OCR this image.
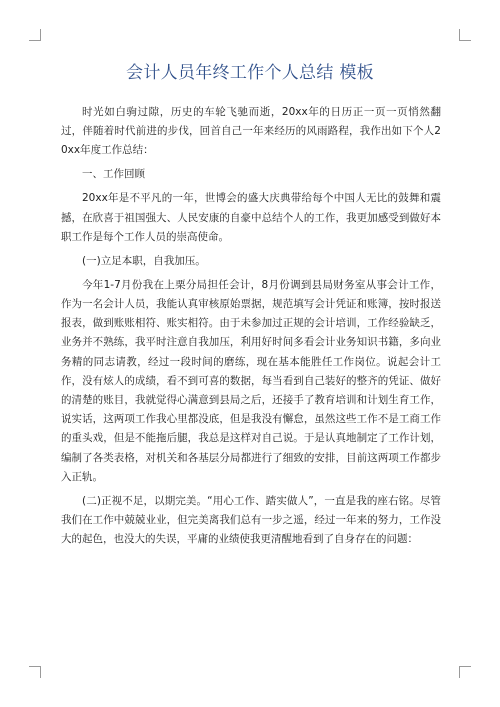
会计人员年终工作个人总结 模板

时光如白驹过隙，历史的车轮飞驰而逝，20xx年的日历正一页一页悄然翻过，伴随着时代前进的步伐，回首自己一年来经历的风雨路程，我作出如下个人20xx年度工作总结：

一、工作回顾

20xx年是不平凡的一年，世博会的盛大庆典带给每个中国人无比的鼓舞和震撼，在欣喜于祖国强大、人民安康的自豪中总结个人的工作，我更加感受到做好本职工作是每个工作人员的崇高使命。

(一)立足本职，自我加压。

今年1-7月份我在上栗分局担任会计，8月份调到县局财务室从事会计工作，作为一名会计人员，我能认真审核原始票据，规范填写会计凭证和账簿，按时报送报表，做到账账相符、账实相符。由于未参加过正规的会计培训，工作经验缺乏，业务并不熟练，我平时注意自我加压，利用好时间多看会计业务知识书籍，多向业务精的同志请教，经过一段时间的磨练，现在基本能胜任工作岗位。说起会计工作，没有炫人的成绩，看不到可喜的数据，每当看到自己装好的整齐的凭证、做好的清楚的账目，我就觉得心满意到县局之后，还接手了教育培训和计划生育工作，说实话，这两项工作我心里都没底，但是我没有懈怠，虽然这些工作不是工商工作的重头戏，但是不能拖后腿，我总是这样对自己说。于是认真地制定了工作计划，编制了各类表格，对机关和各基层分局都进行了细致的安排，目前这两项工作都步入正轨。

(二)正视不足，以期完美。“用心工作、踏实做人”，一直是我的座右铭。尽管我们在工作中兢兢业业，但完美离我们总有一步之遥，经过一年来的努力，工作没大的起色，也没大的失误，平庸的业绩使我更清醒地看到了自身存在的问题：
